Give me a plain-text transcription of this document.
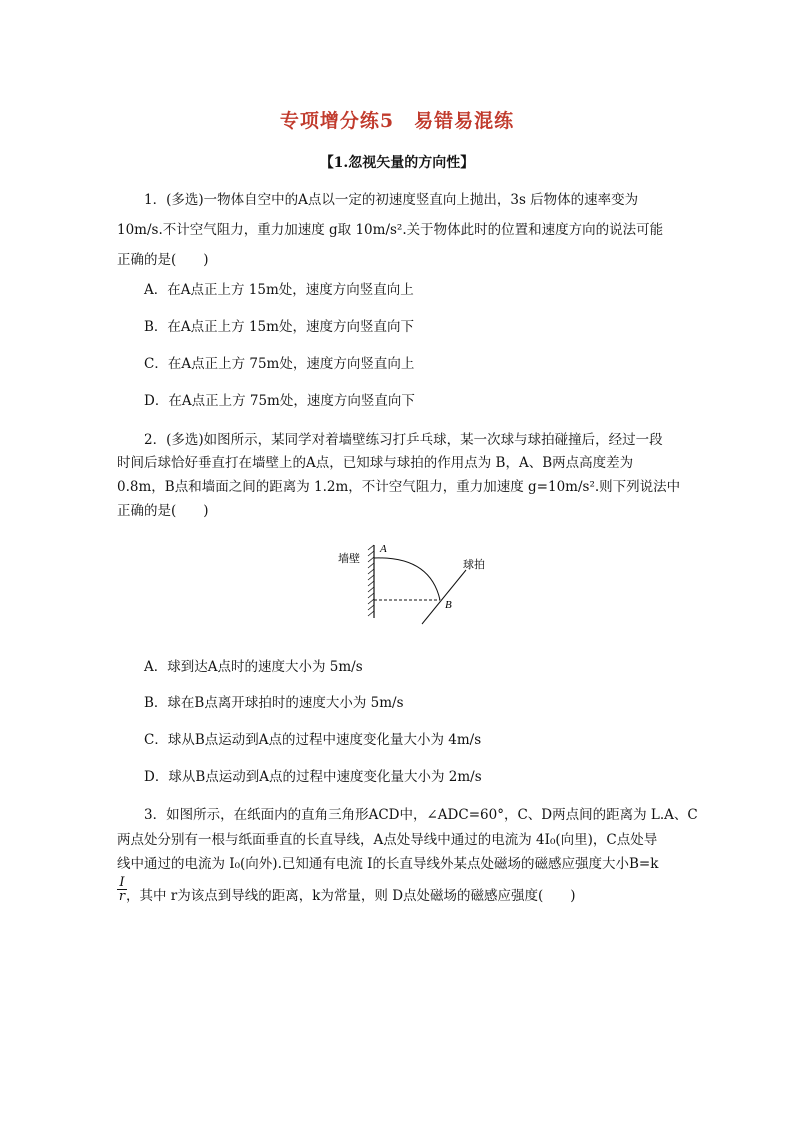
专项增分练5　易错易混练
【1.忽视矢量的方向性】
1．(多选)一物体自空中的A点以一定的初速度竖直向上抛出，3s 后物体的速率变为
10m/s.不计空气阻力，重力加速度 g取 10m/s².关于物体此时的位置和速度方向的说法可能
正确的是(　　)
A．在A点正上方 15m处，速度方向竖直向上
B．在A点正上方 15m处，速度方向竖直向下
C．在A点正上方 75m处，速度方向竖直向上
D．在A点正上方 75m处，速度方向竖直向下
2．(多选)如图所示，某同学对着墙壁练习打乒乓球，某一次球与球拍碰撞后，经过一段
时间后球恰好垂直打在墙壁上的A点，已知球与球拍的作用点为 B，A、B两点高度差为
0.8m，B点和墙面之间的距离为 1.2m，不计空气阻力，重力加速度 g=10m/s².则下列说法中
正确的是(　　)
墙壁
A
球拍
B
A．球到达A点时的速度大小为 5m/s
B．球在B点离开球拍时的速度大小为 5m/s
C．球从B点运动到A点的过程中速度变化量大小为 4m/s
D．球从B点运动到A点的过程中速度变化量大小为 2m/s
3．如图所示，在纸面内的直角三角形ACD中，∠ADC=60°，C、D两点间的距离为 L.A、C
两点处分别有一根与纸面垂直的长直导线，A点处导线中通过的电流为 4I₀(向里)，C点处导
线中通过的电流为 I₀(向外).已知通有电流 I的长直导线外某点处磁场的磁感应强度大小B=k
$\frac{I}{r}$ ，其中 r为该点到导线的距离，k为常量，则 D点处磁场的磁感应强度(　　)
